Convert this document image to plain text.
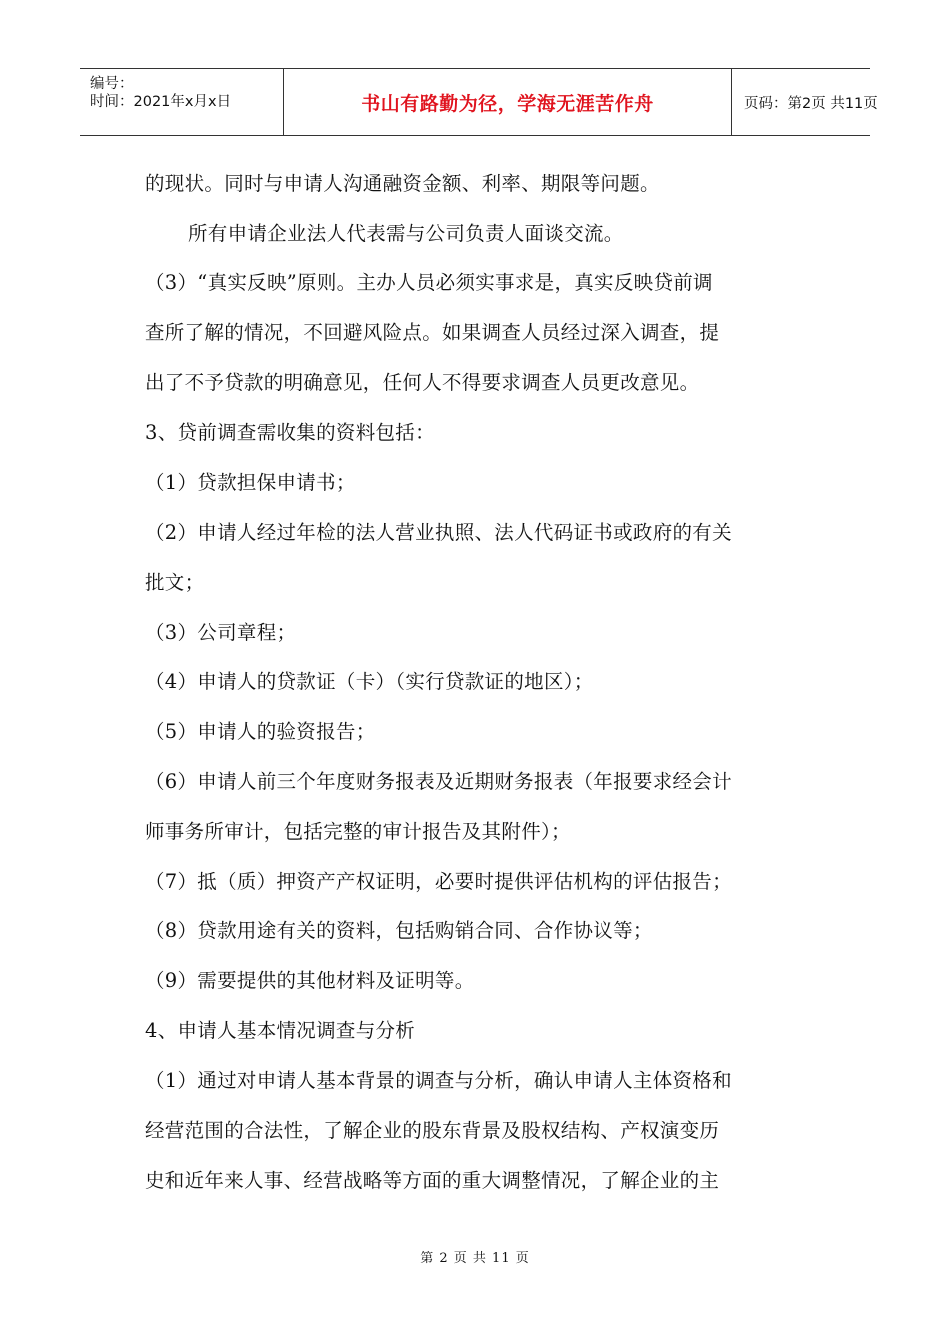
编号：
时间：2021年x月x日	书山有路勤为径，学海无涯苦作舟	页码：第2页 共11页
的现状。同时与申请人沟通融资金额、利率、期限等问题。
所有申请企业法人代表需与公司负责人面谈交流。
（3）“真实反映”原则。主办人员必须实事求是，真实反映贷前调
查所了解的情况，不回避风险点。如果调查人员经过深入调查，提
出了不予贷款的明确意见，任何人不得要求调查人员更改意见。
3、贷前调查需收集的资料包括：
（1）贷款担保申请书；
（2）申请人经过年检的法人营业执照、法人代码证书或政府的有关
批文；
（3）公司章程；
（4）申请人的贷款证（卡）（实行贷款证的地区）；
（5）申请人的验资报告；
（6）申请人前三个年度财务报表及近期财务报表（年报要求经会计
师事务所审计，包括完整的审计报告及其附件）；
（7）抵（质）押资产产权证明，必要时提供评估机构的评估报告；
（8）贷款用途有关的资料，包括购销合同、合作协议等；
（9）需要提供的其他材料及证明等。
4、申请人基本情况调查与分析
（1）通过对申请人基本背景的调查与分析，确认申请人主体资格和
经营范围的合法性，了解企业的股东背景及股权结构、产权演变历
史和近年来人事、经营战略等方面的重大调整情况，了解企业的主
第 2 页 共 11 页
